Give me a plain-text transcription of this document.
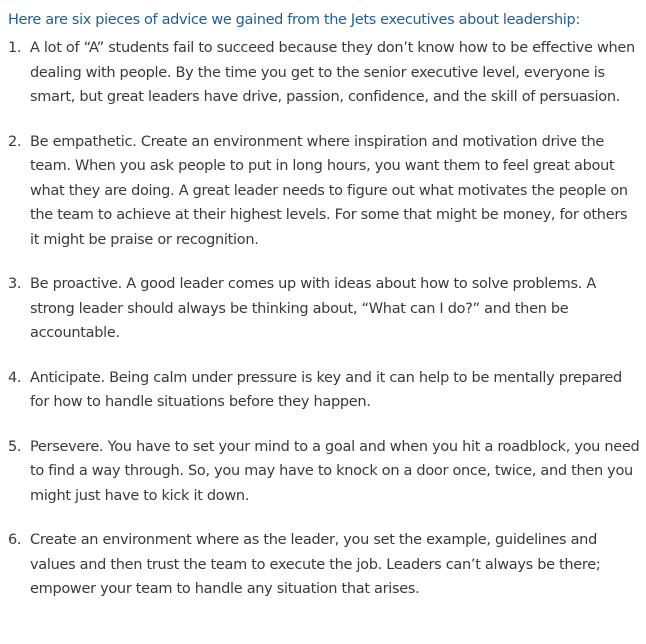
Here are six pieces of advice we gained from the Jets executives about leadership:

1. A lot of “A” students fail to succeed because they don’t know how to be effective when dealing with people. By the time you get to the senior executive level, everyone is smart, but great leaders have drive, passion, confidence, and the skill of persuasion.
2. Be empathetic. Create an environment where inspiration and motivation drive the team. When you ask people to put in long hours, you want them to feel great about what they are doing. A great leader needs to figure out what motivates the people on the team to achieve at their highest levels. For some that might be money, for others it might be praise or recognition.
3. Be proactive. A good leader comes up with ideas about how to solve problems. A strong leader should always be thinking about, “What can I do?” and then be accountable.
4. Anticipate. Being calm under pressure is key and it can help to be mentally prepared for how to handle situations before they happen.
5. Persevere. You have to set your mind to a goal and when you hit a roadblock, you need to find a way through. So, you may have to knock on a door once, twice, and then you might just have to kick it down.
6. Create an environment where as the leader, you set the example, guidelines and values and then trust the team to execute the job. Leaders can’t always be there; empower your team to handle any situation that arises.
